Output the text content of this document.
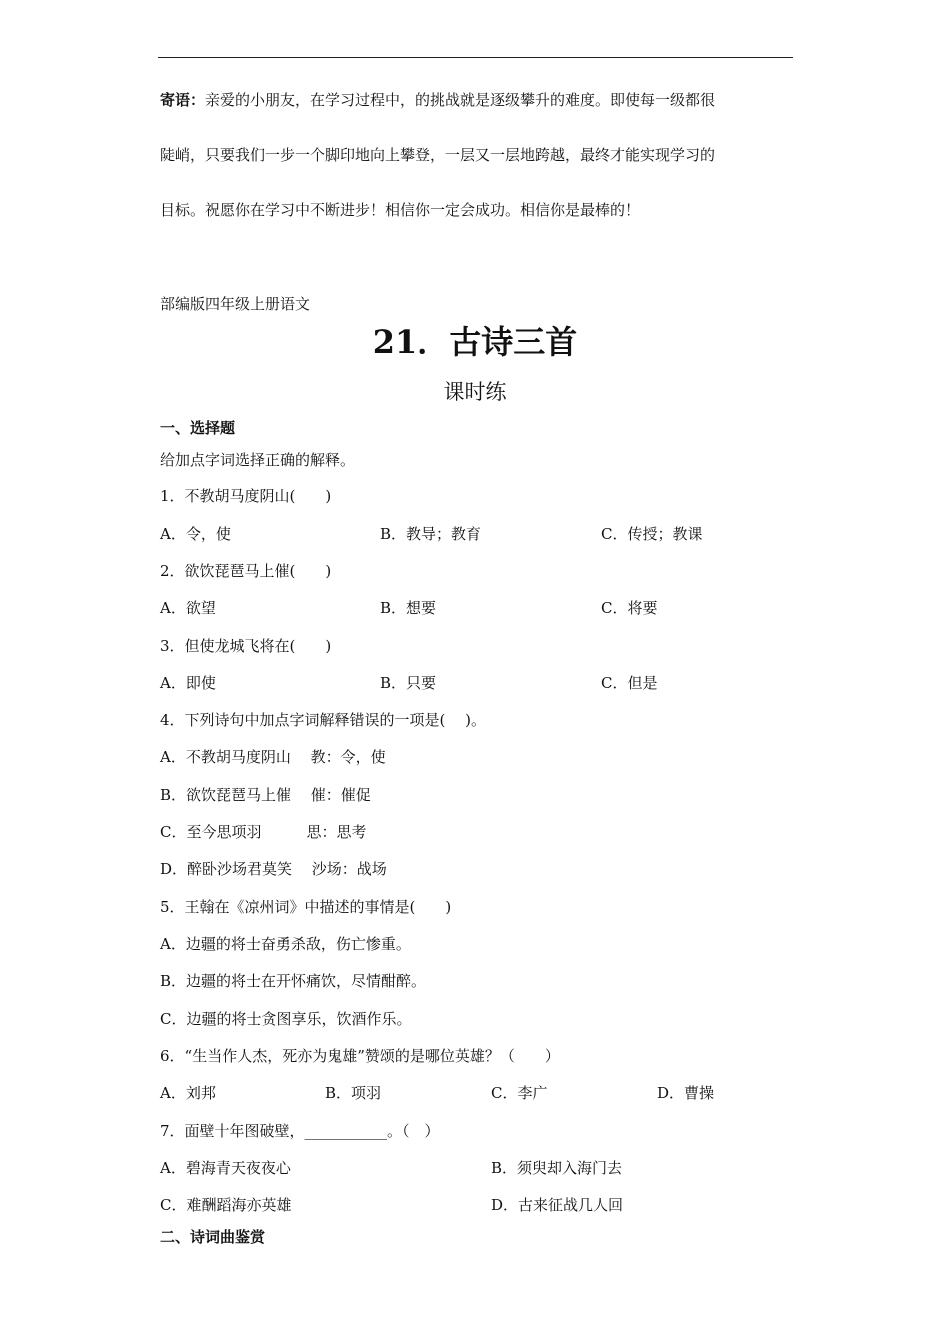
寄语：亲爱的小朋友，在学习过程中，的挑战就是逐级攀升的难度。即使每一级都很
陡峭，只要我们一步一个脚印地向上攀登，一层又一层地跨越，最终才能实现学习的
目标。祝愿你在学习中不断进步！相信你一定会成功。相信你是最棒的！
部编版四年级上册语文
21．古诗三首
课时练
一、选择题
给加点字词选择正确的解释。
1．不教胡马度阴山(　　)
A．令，使	B．教导；教育	C．传授；教课
2．欲饮琵琶马上催(　　)
A．欲望	B．想要	C．将要
3．但使龙城飞将在(　　)
A．即使	B．只要	C．但是
4．下列诗句中加点字词解释错误的一项是(　 )。
A．不教胡马度阴山　 教：令，使
B．欲饮琵琶马上催　 催：催促
C．至今思项羽　　　思：思考
D．醉卧沙场君莫笑　 沙场：战场
5．王翰在《凉州词》中描述的事情是(　　)
A．边疆的将士奋勇杀敌，伤亡惨重。
B．边疆的将士在开怀痛饮，尽情酣醉。
C．边疆的将士贪图享乐，饮酒作乐。
6．“生当作人杰，死亦为鬼雄”赞颂的是哪位英雄？（　　）
A．刘邦	B．项羽	C．李广	D．曹操
7．面壁十年图破壁，___________。（　）
A．碧海青天夜夜心	B．须臾却入海门去
C．难酬蹈海亦英雄	D．古来征战几人回
二、诗词曲鉴赏
